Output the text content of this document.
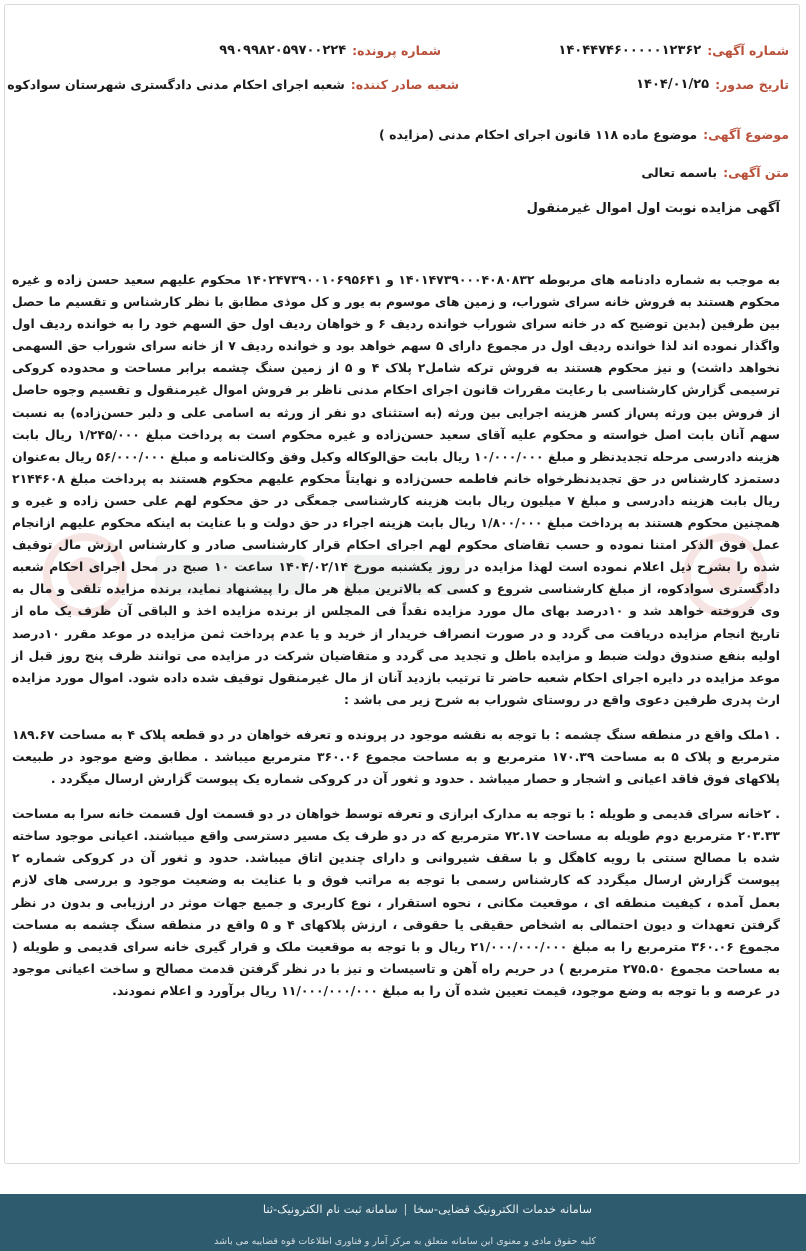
شماره آگهی:
۱۴۰۴۴۷۴۶۰۰۰۰۰۱۲۳۶۲
شماره پرونده:
۹۹۰۹۹۸۲۰۵۹۷۰۰۲۲۴
تاریخ صدور:
۱۴۰۴/۰۱/۲۵
شعبه صادر کننده:
شعبه اجرای احکام مدنی دادگستری شهرستان سوادکوه
موضوع آگهی:
موضوع ماده ۱۱۸ قانون اجرای احکام مدنی (مزایده )
متن آگهی:
باسمه تعالی
آگهی مزایده نوبت اول اموال غیرمنقول

به موجب به شماره دادنامه های مربوطه ۱۴۰۱۴۷۳۹۰۰۰۴۰۸۰۸۳۲ و ۱۴۰۲۴۷۳۹۰۰۱۰۶۹۵۶۴۱ محکوم علیهم سعید حسن زاده و غیره محکوم هستند به فروش خانه سرای شوراب، و زمین های موسوم به یور و کل موذی مطابق با نظر کارشناس و تقسیم ما حصل بین طرفین (بدین توضیح که در خانه سرای شوراب خوانده ردیف ۶ و خواهان ردیف اول حق السهم خود را به خوانده ردیف اول واگذار نموده اند لذا خوانده ردیف اول در مجموع دارای ۵ سهم خواهد بود و خوانده ردیف ۷ از خانه سرای شوراب حق السهمی نخواهد داشت) و نیز محکوم هستند به فروش ترکه شامل۲ پلاک ۴ و ۵ از زمین سنگ چشمه برابر مساحت و محدوده کروکی ترسیمی گزارش کارشناسی با رعایت مقررات قانون اجرای احکام مدنی ناظر بر فروش اموال غیرمنقول و تقسیم وجوه حاصل از فروش بین ورثه پس‌از کسر هزینه اجرایی بین ورثه (به استثنای دو نفر از ورثه به اسامی علی و دلبر حسن‌زاده) به نسبت سهم آنان بابت اصل خواسته و محکوم علیه آقای سعید حسن‌زاده و غیره محکوم است به پرداخت مبلغ ۱/۲۴۵/۰۰۰ ریال بابت هزینه دادرسی مرحله تجدیدنظر و مبلغ ۱۰/۰۰۰/۰۰۰ ریال بابت حق‌الوکاله وکیل وفق وکالت‌نامه و مبلغ ۵۶/۰۰۰/۰۰۰ ریال به‌عنوان دستمزد کارشناس در حق تجدیدنظرخواه خانم فاطمه حسن‌زاده و نهایتاً محکوم علیهم محکوم هستند به پرداخت مبلغ ۲۱۴۴۶۰۸ ریال بابت هزینه دادرسی و مبلغ ۷ میلیون ریال بابت هزینه کارشناسی جمعگی در حق محکوم لهم علی حسن زاده و غیره و همچنین محکوم هستند به پرداخت مبلغ ۱/۸۰۰/۰۰۰ ریال بابت هزینه اجراء در حق دولت و با عنایت به اینکه محکوم علیهم ازانجام عمل فوق الذکر امتنا نموده و حسب تقاضای محکوم لهم اجرای احکام قرار کارشناسی صادر و کارشناس ارزش مال توقیف شده را بشرح ذیل اعلام نموده است لهذا مزایده در روز یکشنبه مورخ ۱۴۰۴/۰۲/۱۴ ساعت ۱۰ صبح در محل اجرای احکام شعبه دادگستری سوادکوه، از مبلغ کارشناسی شروع و کسی که بالاترین مبلغ هر مال را پیشنهاد نماید، برنده مزایده تلقی و مال به وی فروخته خواهد شد و ۱۰درصد بهای مال مورد مزایده نقداً فی المجلس از برنده مزایده اخذ و الباقی آن ظرف یک ماه از تاریخ انجام مزایده دریافت می گردد و در صورت انصراف خریدار از خرید و یا عدم پرداخت ثمن مزایده در موعد مقرر ۱۰درصد اولیه بنفع صندوق دولت ضبط و مزایده باطل و تجدید می گردد و متقاضیان شرکت در مزایده می توانند ظرف پنج روز قبل از موعد مزایده در دایره اجرای احکام شعبه حاضر تا ترتیب بازدید آنان از مال غیرمنقول توقیف شده داده شود. اموال مورد مزایده ارث پدری طرفین دعوی واقع در روستای شوراب به شرح زیر می باشد :

. ۱ملک واقع در منطقه سنگ چشمه : با توجه به نقشه موجود در پرونده و تعرفه خواهان در دو قطعه پلاک ۴ به مساحت ۱۸۹.۶۷ مترمربع و پلاک ۵ به مساحت ۱۷۰.۳۹ مترمربع و به مساحت مجموع ۳۶۰.۰۶ مترمربع میباشد . مطابق وضع موجود در طبیعت پلاکهای فوق فاقد اعیانی و اشجار و حصار میباشد . حدود و ثغور آن در کروکی شماره یک پیوست گزارش ارسال میگردد .

. ۲خانه سرای قدیمی و طویله : با توجه به مدارک ابرازی و تعرفه توسط خواهان در دو قسمت اول قسمت خانه سرا به مساحت ۲۰۳.۳۳ مترمربع دوم طویله به مساحت ۷۲.۱۷ مترمربع که در دو طرف یک مسیر دسترسی واقع میباشند. اعیانی موجود ساخته شده با مصالح سنتی با رویه کاهگل و با سقف شیروانی و دارای چندین اتاق میباشد. حدود و ثغور آن در کروکی شماره ۲ پیوست گزارش ارسال میگردد که کارشناس رسمی با توجه به مراتب فوق و با عنایت به وضعیت موجود و بررسی های لازم بعمل آمده ، کیفیت منطقه ای ، موقعیت مکانی ، نحوه استقرار ، نوع کاربری و جمیع جهات موثر در ارزیابی و بدون در نظر گرفتن تعهدات و دیون احتمالی به اشخاص حقیقی یا حقوقی ، ارزش پلاکهای ۴ و ۵ واقع در منطقه سنگ چشمه به مساحت مجموع ۳۶۰.۰۶ مترمربع را به مبلغ ۲۱/۰۰۰/۰۰۰/۰۰۰ ریال و با توجه به موقعیت ملک و قرار گیری خانه سرای قدیمی و طویله ( به مساحت مجموع ۲۷۵.۵۰ مترمربع ) در حریم راه آهن و تاسیسات و نیز با در نظر گرفتن قدمت مصالح و ساخت اعیانی موجود در عرصه و با توجه به وضع موجود، قیمت تعیین شده آن را به مبلغ ۱۱/۰۰۰/۰۰۰/۰۰۰ ریال برآورد و اعلام نمودند.

سامانه خدمات الکترونیک قضایی-سخا
|
سامانه ثبت نام الکترونیک-ثنا
کلیه حقوق مادی و معنوی این سامانه متعلق به مرکز آمار و فناوری اطلاعات قوه قضاییه می باشد
